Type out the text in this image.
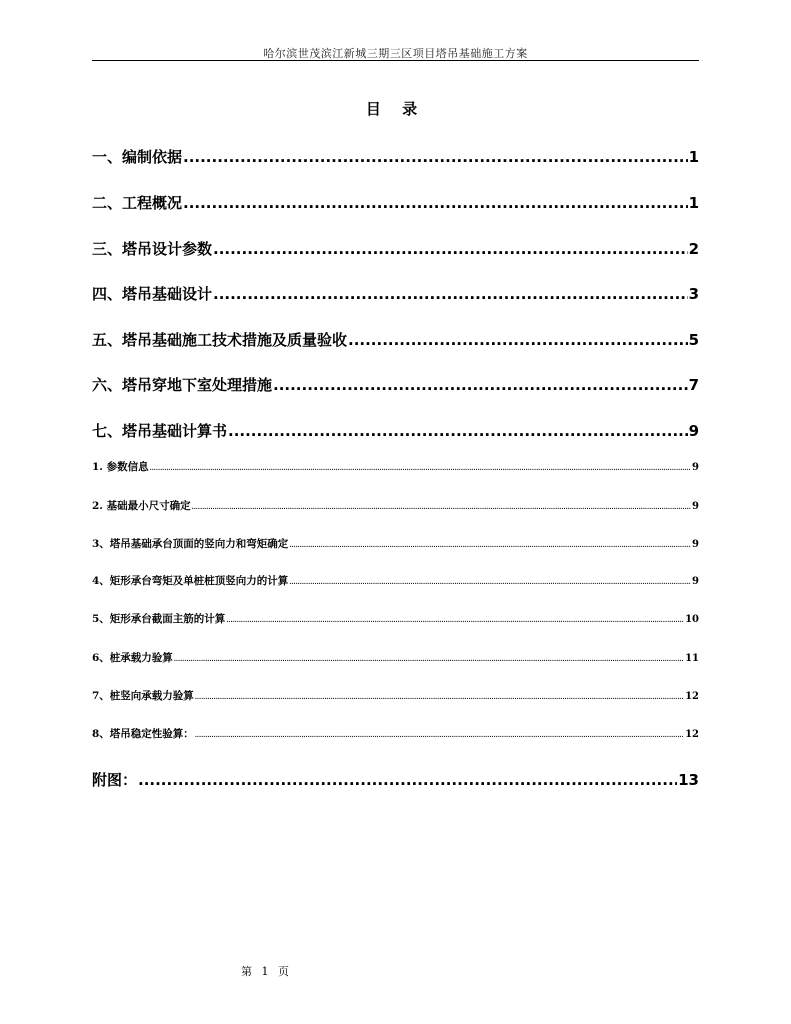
哈尔滨世茂滨江新城三期三区项目塔吊基础施工方案
目 录
一、编制依据 .....	1
二、工程概况 .....	1
三、塔吊设计参数 .....	2
四、塔吊基础设计 .....	3
五、塔吊基础施工技术措施及质量验收 .....	5
六、塔吊穿地下室处理措施 .....	7
七、塔吊基础计算书 .....	9
1. 参数信息 .....	9
2. 基础最小尺寸确定 .....	9
3、塔吊基础承台顶面的竖向力和弯矩确定 .....	9
4、矩形承台弯矩及单桩桩顶竖向力的计算 .....	9
5、矩形承台截面主筋的计算 .....	10
6、桩承载力验算 .....	11
7、桩竖向承载力验算 .....	12
8、塔吊稳定性验算： .....	12
附图： .....	13
第 1 页
